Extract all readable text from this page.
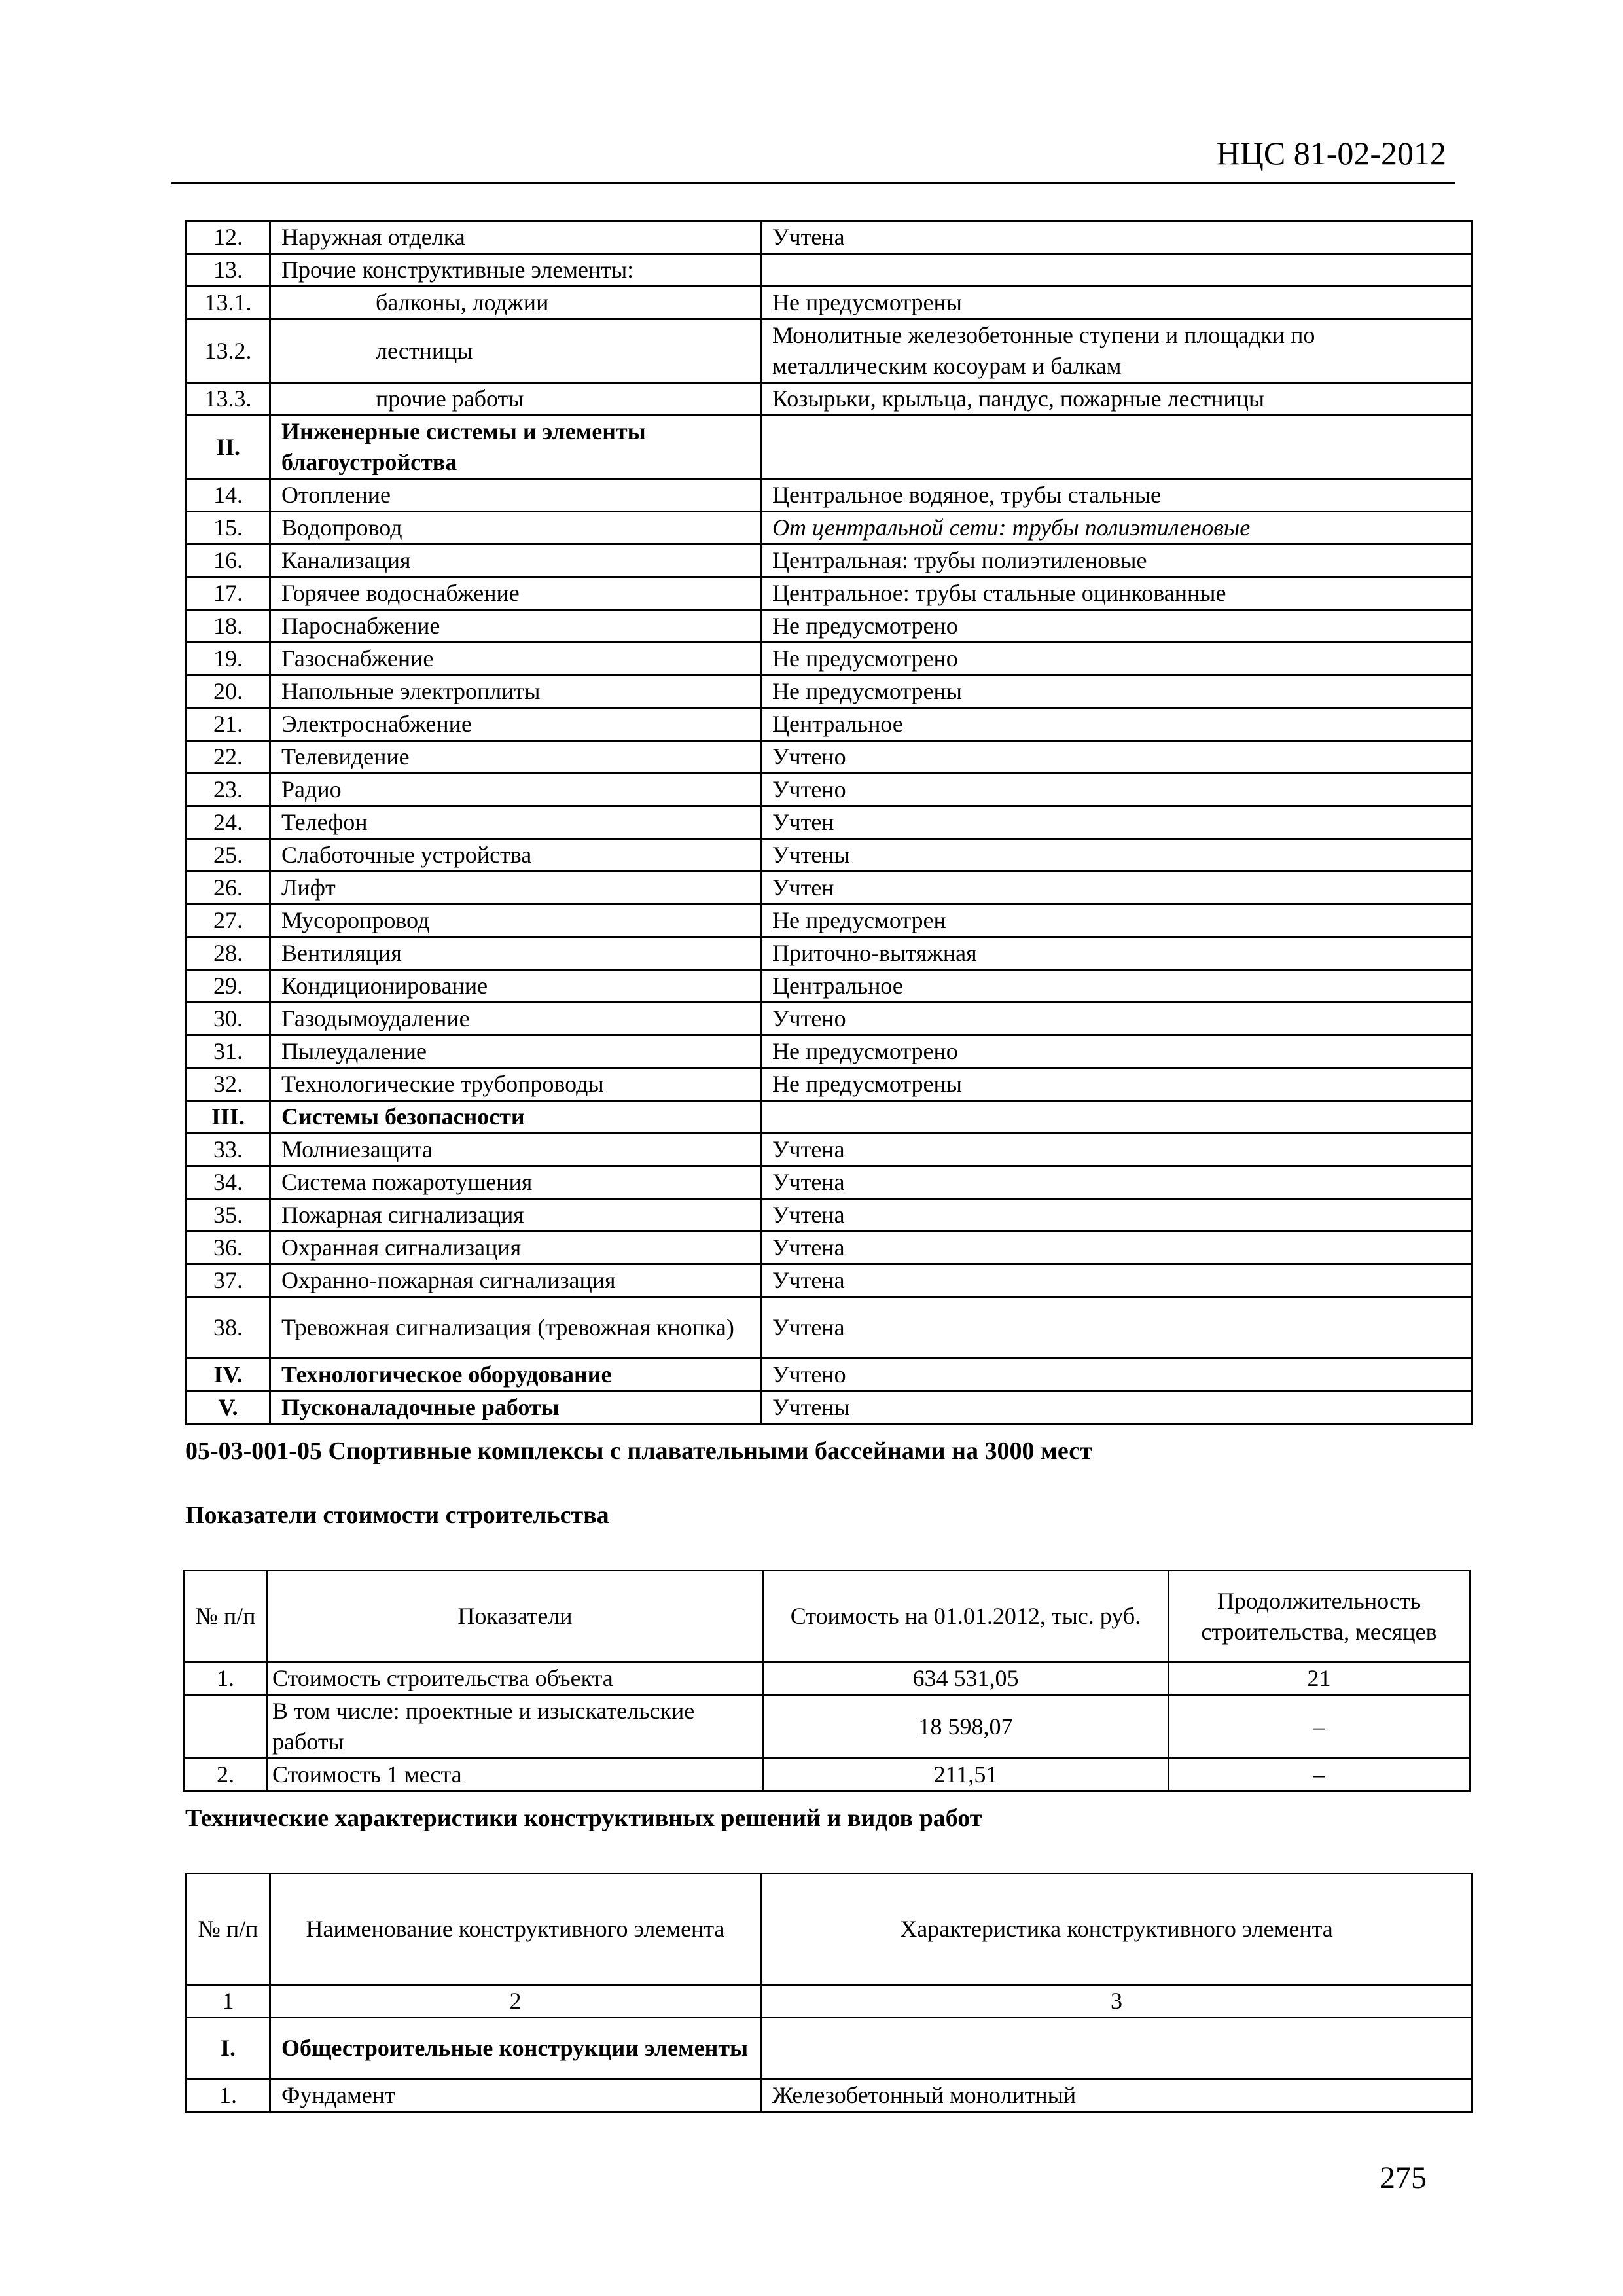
НЦС 81-02-2012
12.	Наружная отделка	Учтена
13.	Прочие конструктивные элементы:	
13.1.	балконы, лоджии	Не предусмотрены
13.2.	лестницы	Монолитные железобетонные ступени и площадки по металлическим косоурам и балкам
13.3.	прочие работы	Козырьки, крыльца, пандус, пожарные лестницы
II.	Инженерные системы и элементы благоустройства	
14.	Отопление	Центральное водяное, трубы стальные
15.	Водопровод	От центральной сети: трубы полиэтиленовые
16.	Канализация	Центральная: трубы полиэтиленовые
17.	Горячее водоснабжение	Центральное: трубы стальные оцинкованные
18.	Пароснабжение	Не предусмотрено
19.	Газоснабжение	Не предусмотрено
20.	Напольные электроплиты	Не предусмотрены
21.	Электроснабжение	Центральное
22.	Телевидение	Учтено
23.	Радио	Учтено
24.	Телефон	Учтен
25.	Слаботочные устройства	Учтены
26.	Лифт	Учтен
27.	Мусоропровод	Не предусмотрен
28.	Вентиляция	Приточно-вытяжная
29.	Кондиционирование	Центральное
30.	Газодымоудаление	Учтено
31.	Пылеудаление	Не предусмотрено
32.	Технологические трубопроводы	Не предусмотрены
III.	Системы безопасности	
33.	Молниезащита	Учтена
34.	Система пожаротушения	Учтена
35.	Пожарная сигнализация	Учтена
36.	Охранная сигнализация	Учтена
37.	Охранно-пожарная сигнализация	Учтена
38.	Тревожная сигнализация (тревожная кнопка)	Учтена
IV.	Технологическое оборудование	Учтено
V.	Пусконаладочные работы	Учтены
05-03-001-05 Спортивные комплексы с плавательными бассейнами на 3000 мест
Показатели стоимости строительства
№ п/п	Показатели	Стоимость на 01.01.2012, тыс. руб.	Продолжительность строительства, месяцев
1.	Стоимость строительства объекта	634 531,05	21
	В том числе: проектные и изыскательские работы	18 598,07	–
2.	Стоимость 1 места	211,51	–
Технические характеристики конструктивных решений и видов работ
№ п/п	Наименование конструктивного элемента	Характеристика конструктивного элемента
1	2	3
I.	Общестроительные конструкции элементы	
1.	Фундамент	Железобетонный монолитный
275
